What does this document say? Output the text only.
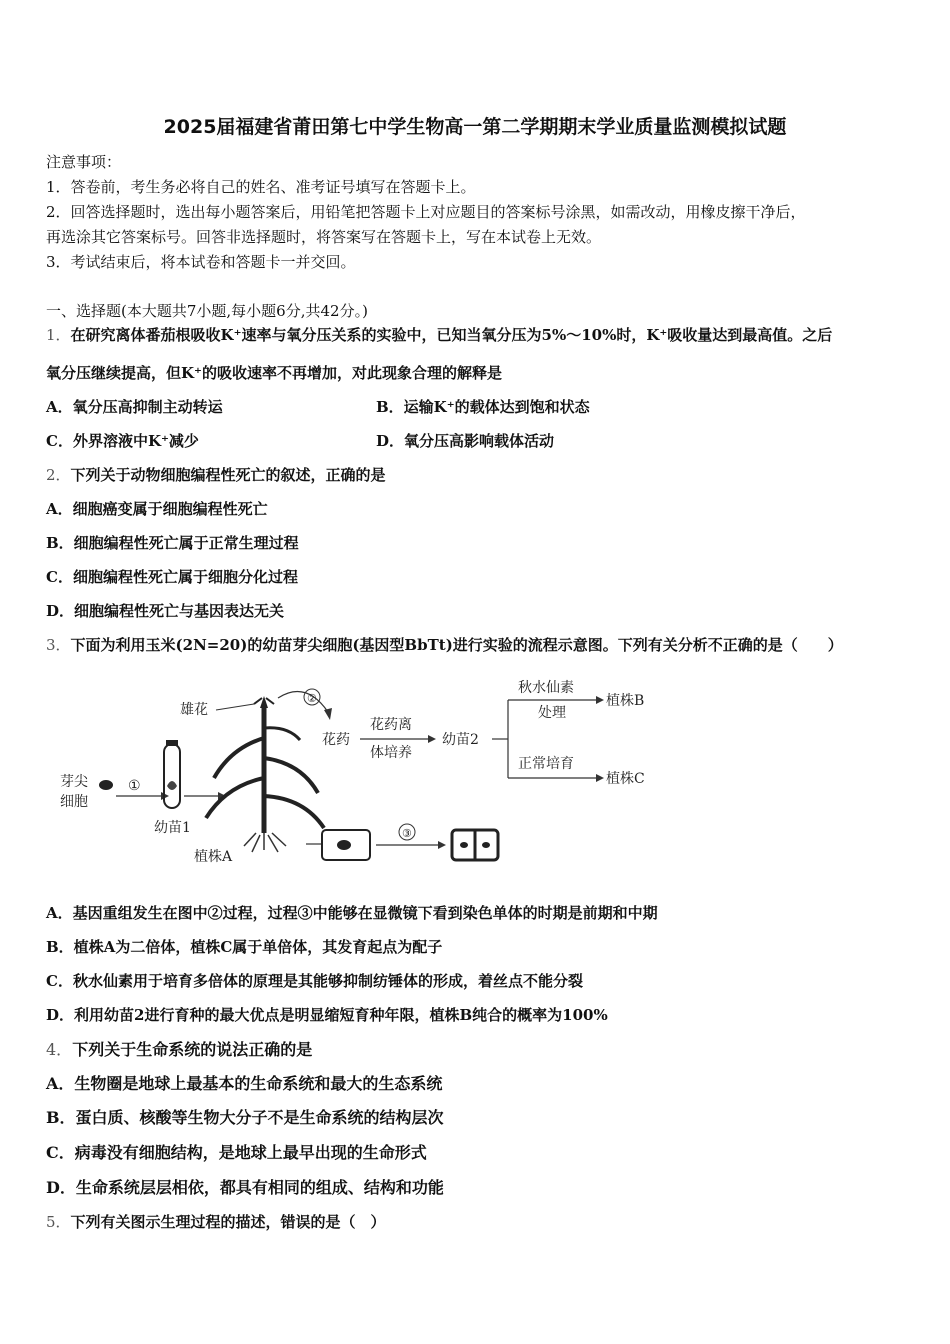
2025届福建省莆田第七中学生物高一第二学期期末学业质量监测模拟试题
注意事项：
1．答卷前，考生务必将自己的姓名、准考证号填写在答题卡上。
2．回答选择题时，选出每小题答案后，用铅笔把答题卡上对应题目的答案标号涂黑，如需改动，用橡皮擦干净后，
再选涂其它答案标号。回答非选择题时，将答案写在答题卡上，写在本试卷上无效。
3．考试结束后，将本试卷和答题卡一并交回。
一、选择题(本大题共7小题,每小题6分,共42分。)
1．在研究离体番茄根吸收K⁺速率与氧分压关系的实验中，已知当氧分压为5%～10%时，K⁺吸收量达到最高值。之后
氧分压继续提高，但K⁺的吸收速率不再增加，对此现象合理的解释是
A．氧分压高抑制主动转运	B．运输K⁺的载体达到饱和状态
C．外界溶液中K⁺减少	D．氧分压高影响载体活动
2．下列关于动物细胞编程性死亡的叙述，正确的是
A．细胞癌变属于细胞编程性死亡
B．细胞编程性死亡属于正常生理过程
C．细胞编程性死亡属于细胞分化过程
D．细胞编程性死亡与基因表达无关
3．下面为利用玉米(2N=20)的幼苗芽尖细胞(基因型BbTt)进行实验的流程示意图。下列有关分析不正确的是（　　）
芽尖
细胞
①
幼苗1
雄花
植株A
②
花药
花药离
体培养
幼苗2
秋水仙素
处理
植株B
正常培育
植株C
③
A．基因重组发生在图中②过程，过程③中能够在显微镜下看到染色单体的时期是前期和中期
B．植株A为二倍体，植株C属于单倍体，其发育起点为配子
C．秋水仙素用于培育多倍体的原理是其能够抑制纺锤体的形成，着丝点不能分裂
D．利用幼苗2进行育种的最大优点是明显缩短育种年限，植株B纯合的概率为100%
4．下列关于生命系统的说法正确的是
A．生物圈是地球上最基本的生命系统和最大的生态系统
B．蛋白质、核酸等生物大分子不是生命系统的结构层次
C．病毒没有细胞结构，是地球上最早出现的生命形式
D．生命系统层层相依，都具有相同的组成、结构和功能
5．下列有关图示生理过程的描述，错误的是（　）
